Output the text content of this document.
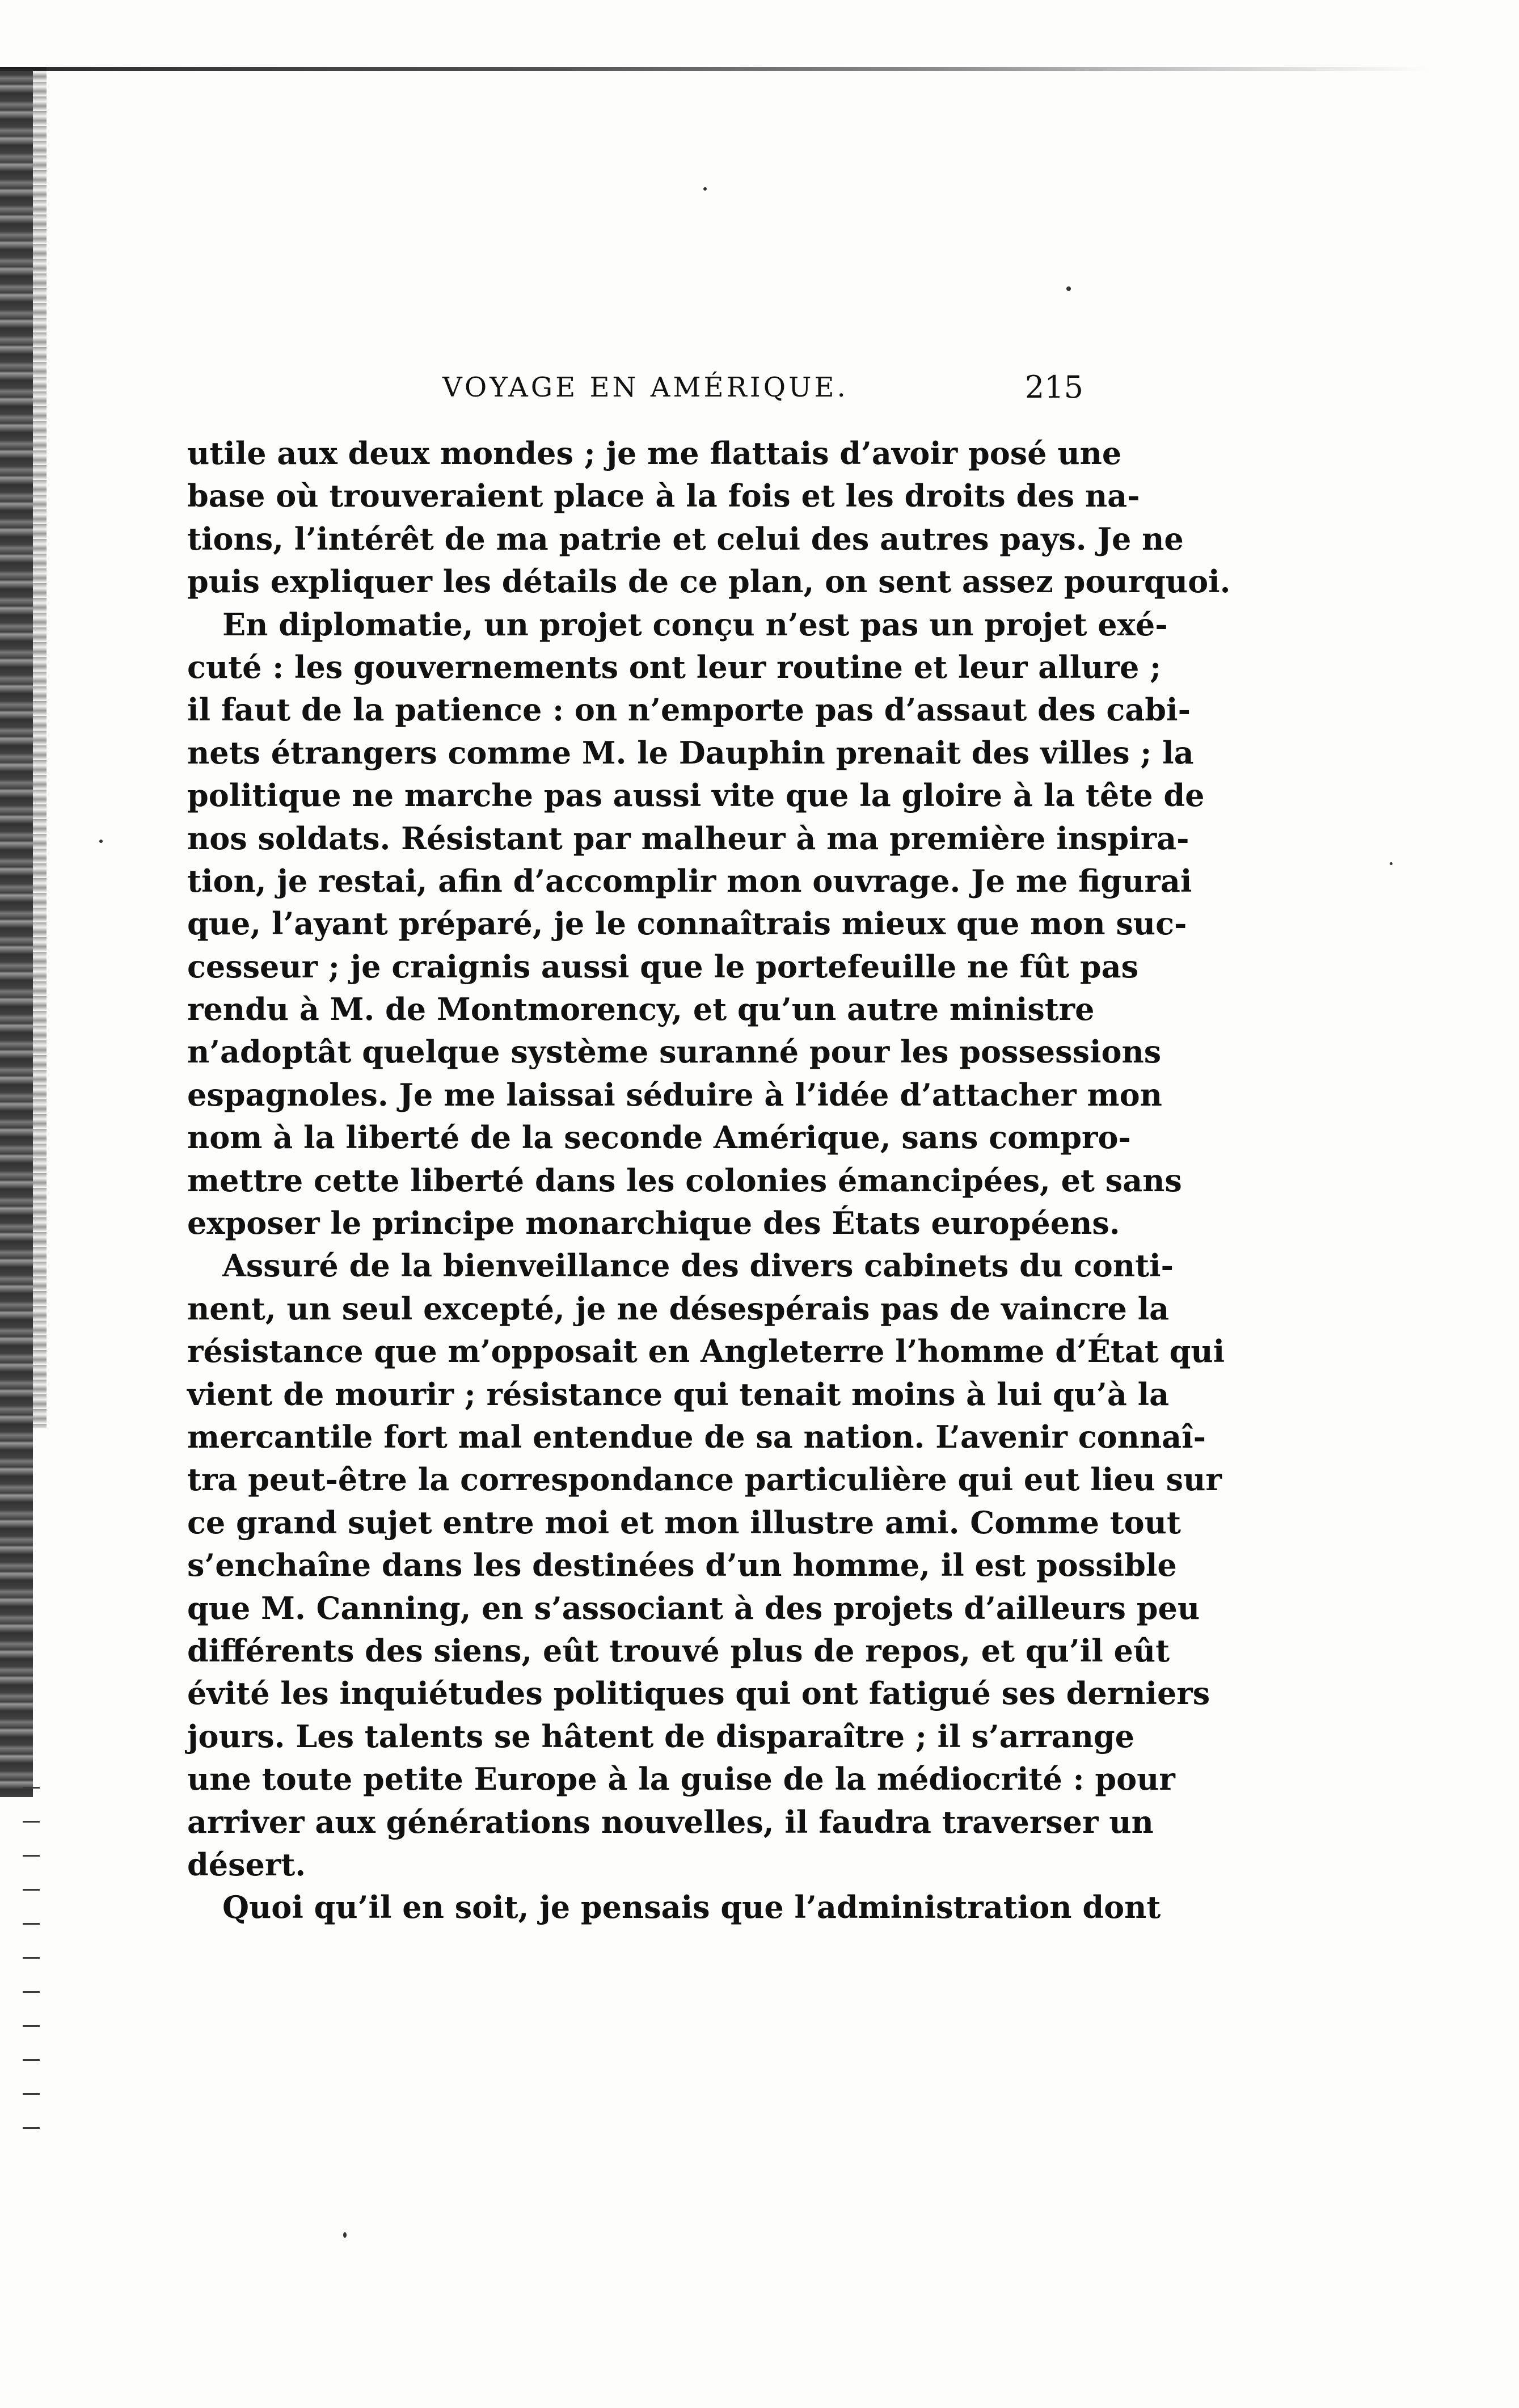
VOYAGE EN AMÉRIQUE.	215
utile aux deux mondes ; je me flattais d’avoir posé une
base où trouveraient place à la fois et les droits des na-
tions, l’intérêt de ma patrie et celui des autres pays. Je ne
puis expliquer les détails de ce plan, on sent assez pourquoi.
En diplomatie, un projet conçu n’est pas un projet exé-
cuté : les gouvernements ont leur routine et leur allure ;
il faut de la patience : on n’emporte pas d’assaut des cabi-
nets étrangers comme M. le Dauphin prenait des villes ; la
politique ne marche pas aussi vite que la gloire à la tête de
nos soldats. Résistant par malheur à ma première inspira-
tion, je restai, afin d’accomplir mon ouvrage. Je me figurai
que, l’ayant préparé, je le connaîtrais mieux que mon suc-
cesseur ; je craignis aussi que le portefeuille ne fût pas
rendu à M. de Montmorency, et qu’un autre ministre
n’adoptât quelque système suranné pour les possessions
espagnoles. Je me laissai séduire à l’idée d’attacher mon
nom à la liberté de la seconde Amérique, sans compro-
mettre cette liberté dans les colonies émancipées, et sans
exposer le principe monarchique des États européens.
Assuré de la bienveillance des divers cabinets du conti-
nent, un seul excepté, je ne désespérais pas de vaincre la
résistance que m’opposait en Angleterre l’homme d’État qui
vient de mourir ; résistance qui tenait moins à lui qu’à la
mercantile fort mal entendue de sa nation. L’avenir connaî-
tra peut-être la correspondance particulière qui eut lieu sur
ce grand sujet entre moi et mon illustre ami. Comme tout
s’enchaîne dans les destinées d’un homme, il est possible
que M. Canning, en s’associant à des projets d’ailleurs peu
différents des siens, eût trouvé plus de repos, et qu’il eût
évité les inquiétudes politiques qui ont fatigué ses derniers
jours. Les talents se hâtent de disparaître ; il s’arrange
une toute petite Europe à la guise de la médiocrité : pour
arriver aux générations nouvelles, il faudra traverser un
désert.
Quoi qu’il en soit, je pensais que l’administration dont
